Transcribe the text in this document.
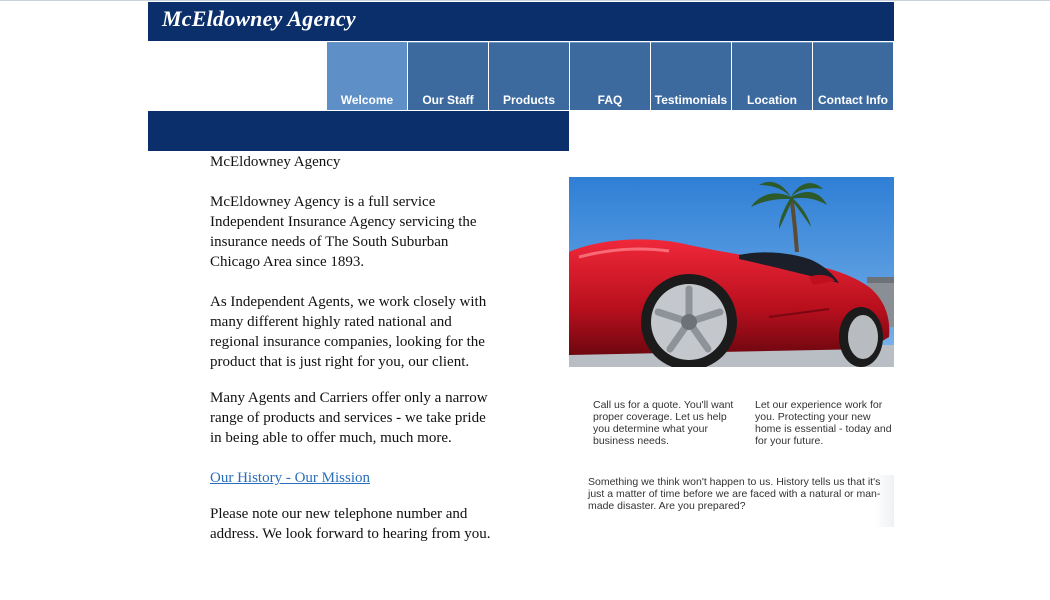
McEldowney Agency
Welcome	Our Staff	Products	FAQ	Testimonials	Location	Contact Info

McEldowney Agency

McEldowney Agency is a full service Independent Insurance Agency servicing the insurance needs of The South Suburban Chicago Area since 1893.

As Independent Agents, we work closely with many different highly rated national and regional insurance companies, looking for the product that is just right for you, our client.

Many Agents and Carriers offer only a narrow range of products and services - we take pride in being able to offer much, much more.

Our History - Our Mission

Please note our new telephone number and address. We look forward to hearing from you.

Call us for a quote. You'll want proper coverage. Let us help you determine what your business needs.
Let our experience work for you. Protecting your new home is essential - today and for your future.
Something we think won't happen to us. History tells us that it's just a matter of time before we are faced with a natural or man-made disaster. Are you prepared?
